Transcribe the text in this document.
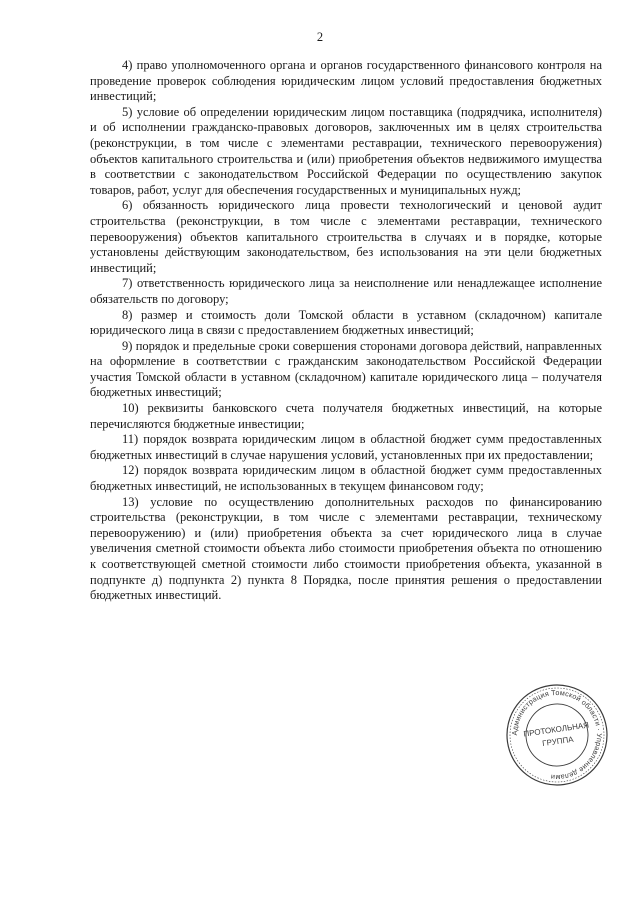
2

4) право уполномоченного органа и органов государственного финансового контроля на проведение проверок соблюдения юридическим лицом условий предоставления бюджетных инвестиций;

5) условие об определении юридическим лицом поставщика (подрядчика, исполнителя) и об исполнении гражданско-правовых договоров, заключенных им в целях строительства (реконструкции, в том числе с элементами реставрации, технического перевооружения) объектов капитального строительства и (или) приобретения объектов недвижимого имущества в соответствии с законодательством Российской Федерации по осуществлению закупок товаров, работ, услуг для обеспечения государственных и муниципальных нужд;

6) обязанность юридического лица провести технологический и ценовой аудит строительства (реконструкции, в том числе с элементами реставрации, технического перевооружения) объектов капитального строительства в случаях и в порядке, которые установлены действующим законодательством, без использования на эти цели бюджетных инвестиций;

7) ответственность юридического лица за неисполнение или ненадлежащее исполнение обязательств по договору;

8) размер и стоимость доли Томской области в уставном (складочном) капитале юридического лица в связи с предоставлением бюджетных инвестиций;

9) порядок и предельные сроки совершения сторонами договора действий, направленных на оформление в соответствии с гражданским законодательством Российской Федерации участия Томской области в уставном (складочном) капитале юридического лица – получателя бюджетных инвестиций;

10) реквизиты банковского счета получателя бюджетных инвестиций, на которые перечисляются бюджетные инвестиции;

11) порядок возврата юридическим лицом в областной бюджет сумм предоставленных бюджетных инвестиций в случае нарушения условий, установленных при их предоставлении;

12) порядок возврата юридическим лицом в областной бюджет сумм предоставленных бюджетных инвестиций, не использованных в текущем финансовом году;

13) условие по осуществлению дополнительных расходов по финансированию строительства (реконструкции, в том числе с элементами реставрации, техническому перевооружению) и (или) приобретения объекта за счет юридического лица в случае увеличения сметной стоимости объекта либо стоимости приобретения объекта по отношению к соответствующей сметной стоимости либо стоимости приобретения объекта, указанной в подпункте д) подпункта 2) пункта 8 Порядка, после принятия решения о предоставлении бюджетных инвестиций.

Администрация Томской области · Управление делами
ПРОТОКОЛЬНАЯ
ГРУППА
